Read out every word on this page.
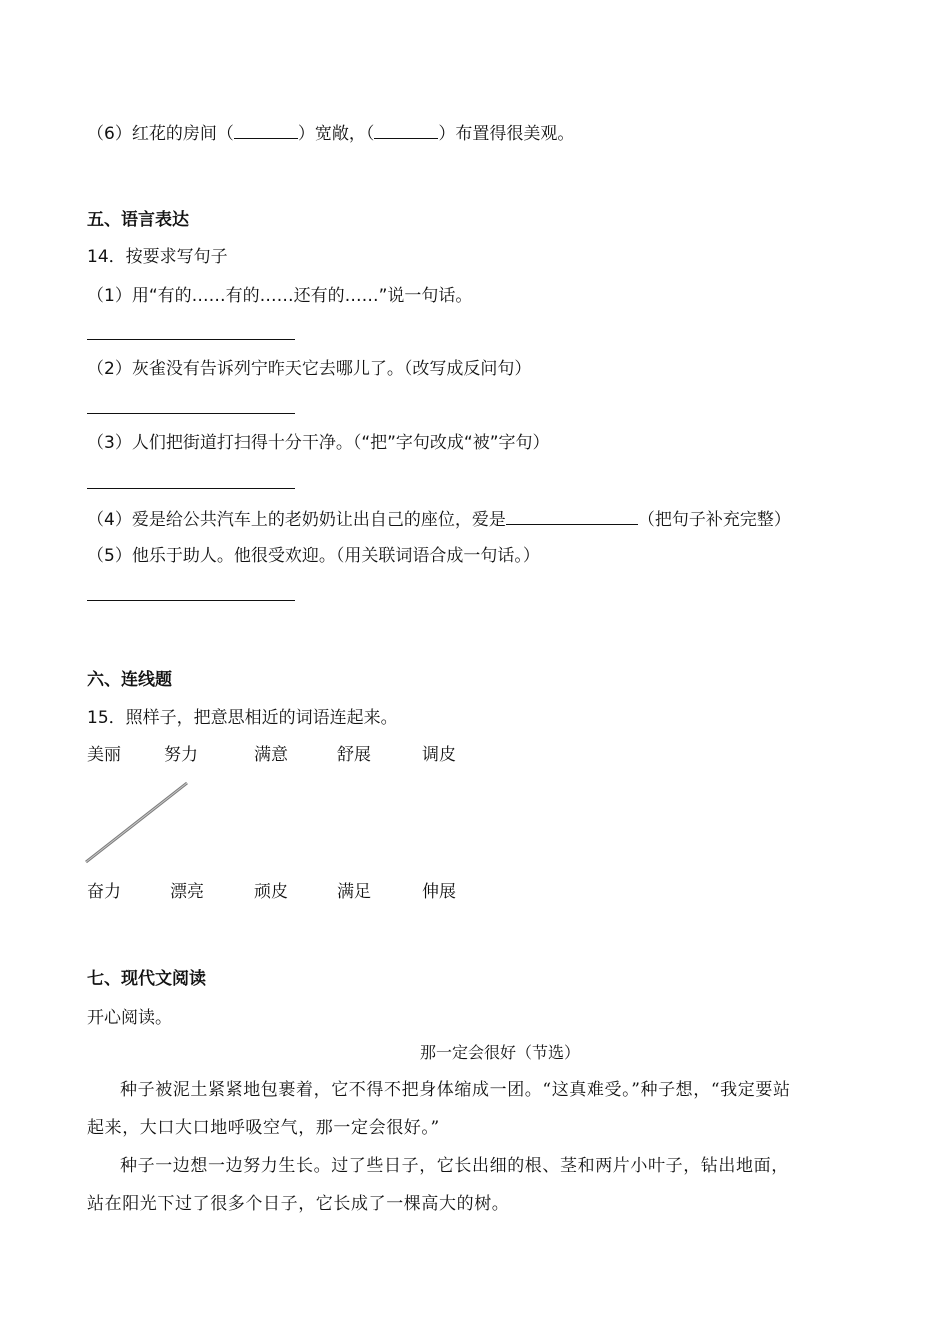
（6）红花的房间（	）宽敞，（	）布置得很美观。
五、语言表达
14．按要求写句子
（1）用“有的……有的……还有的……”说一句话。
（2）灰雀没有告诉列宁昨天它去哪儿了。（改写成反问句）
（3）人们把街道打扫得十分干净。（“把”字句改成“被”字句）
（4）爱是给公共汽车上的老奶奶让出自己的座位，爱是	（把句子补充完整）
（5）他乐于助人。他很受欢迎。（用关联词语合成一句话。）
六、连线题
15．照样子，把意思相近的词语连起来。
美丽	努力	满意	舒展	调皮
奋力	漂亮	顽皮	满足	伸展
七、现代文阅读
开心阅读。
那一定会很好（节选）
种子被泥土紧紧地包裹着，它不得不把身体缩成一团。“这真难受。”种子想，“我定要站
起来，大口大口地呼吸空气，那一定会很好。”
种子一边想一边努力生长。过了些日子，它长出细的根、茎和两片小叶子，钻出地面，
站在阳光下过了很多个日子，它长成了一棵高大的树。
